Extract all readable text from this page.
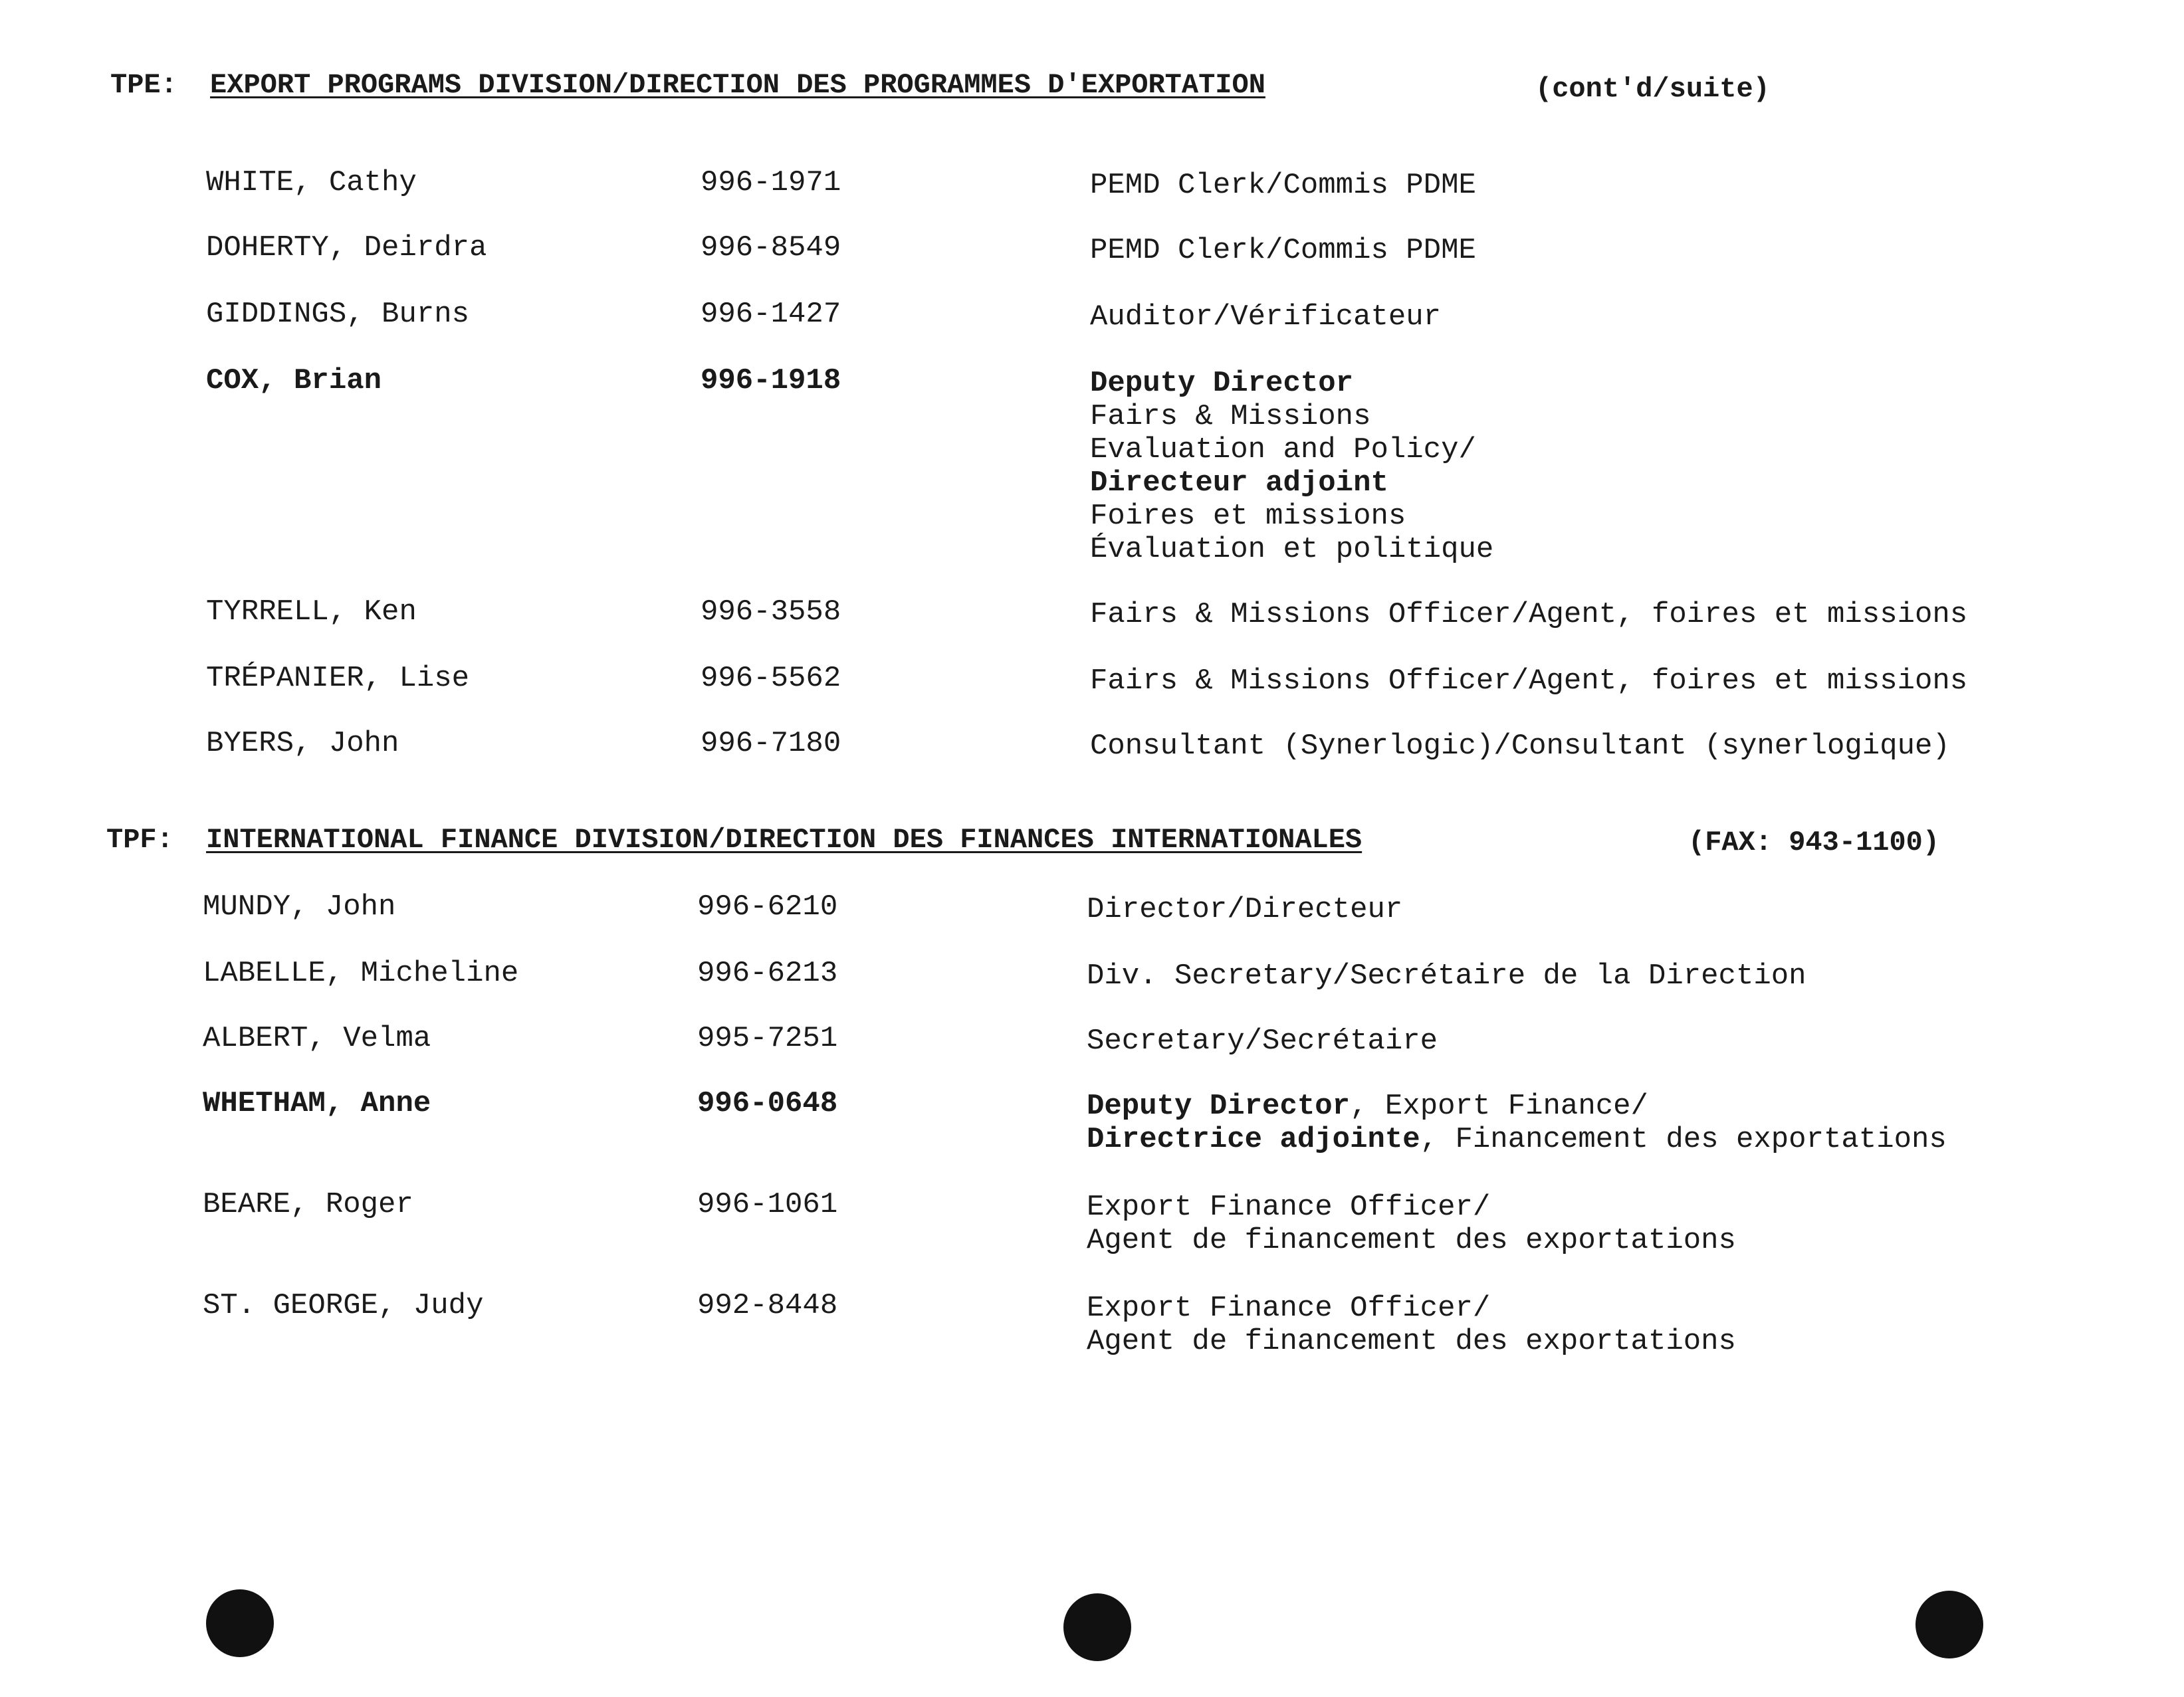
TPE: EXPORT PROGRAMS DIVISION/DIRECTION DES PROGRAMMES D'EXPORTATION	(cont'd/suite)
WHITE, Cathy	996-1971	PEMD Clerk/Commis PDME
DOHERTY, Deirdra	996-8549	PEMD Clerk/Commis PDME
GIDDINGS, Burns	996-1427	Auditor/Vérificateur
COX, Brian	996-1918	Deputy Director
Fairs & Missions
Evaluation and Policy/
Directeur adjoint
Foires et missions
Évaluation et politique
TYRRELL, Ken	996-3558	Fairs & Missions Officer/Agent, foires et missions
TRÉPANIER, Lise	996-5562	Fairs & Missions Officer/Agent, foires et missions
BYERS, John	996-7180	Consultant (Synerlogic)/Consultant (synerlogique)
TPF: INTERNATIONAL FINANCE DIVISION/DIRECTION DES FINANCES INTERNATIONALES	(FAX: 943-1100)
MUNDY, John	996-6210	Director/Directeur
LABELLE, Micheline	996-6213	Div. Secretary/Secrétaire de la Direction
ALBERT, Velma	995-7251	Secretary/Secrétaire
WHETHAM, Anne	996-0648	Deputy Director, Export Finance/
Directrice adjointe, Financement des exportations
BEARE, Roger	996-1061	Export Finance Officer/
Agent de financement des exportations
ST. GEORGE, Judy	992-8448	Export Finance Officer/
Agent de financement des exportations
